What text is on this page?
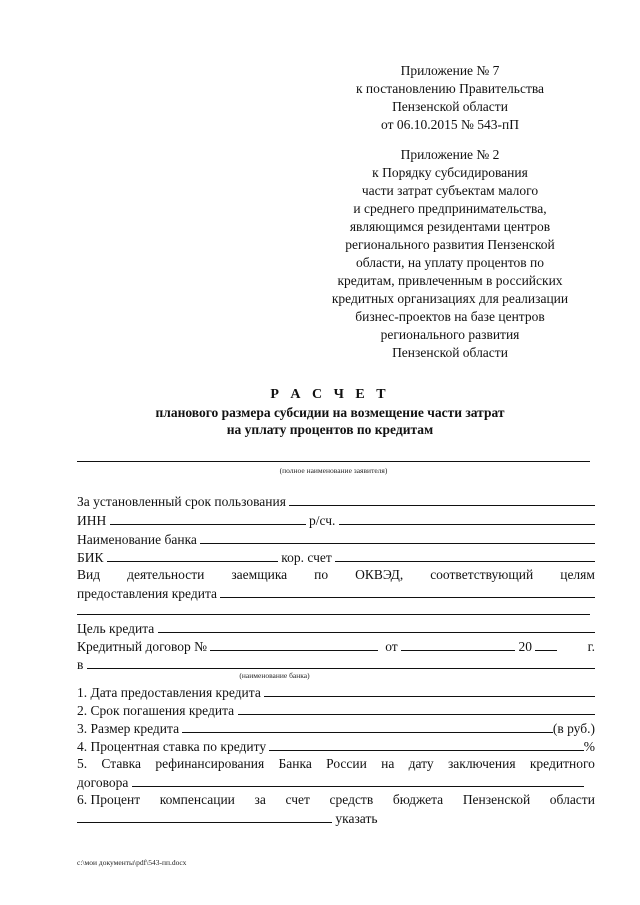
Приложение № 7
к постановлению Правительства
Пензенской области
от 06.10.2015 № 543-пП
Приложение № 2
к Порядку субсидирования
части затрат субъектам малого
и среднего предпринимательства,
являющимся резидентами центров
регионального развития Пензенской
области, на уплату процентов по
кредитам, привлеченным в российских
кредитных организациях для реализации
бизнес-проектов на базе центров
регионального развития
Пензенской области
Р А С Ч Е Т
планового размера субсидии на возмещение части затрат
на уплату процентов по кредитам
(полное наименование заявителя)
За установленный срок пользования

ИНН

	р/сч.

Наименование банка

БИК

	кор. счет

Вид деятельности заемщика по ОКВЭД, соответствующий целям
предоставления кредита

Цель кредита

Кредитный договор №

	от

	20
	г.
в

(наименование банка)
1. Дата предоставления кредита

2. Срок погашения кредита

3. Размер кредита
	(в руб.)
4. Процентная ставка по кредиту
	%
5. Ставка рефинансирования Банка России на дату заключения кредитного
договора

6. Процент компенсации за счет средств бюджета Пензенской области

указать
c:\мои документы\pdf\543-пп.docx
